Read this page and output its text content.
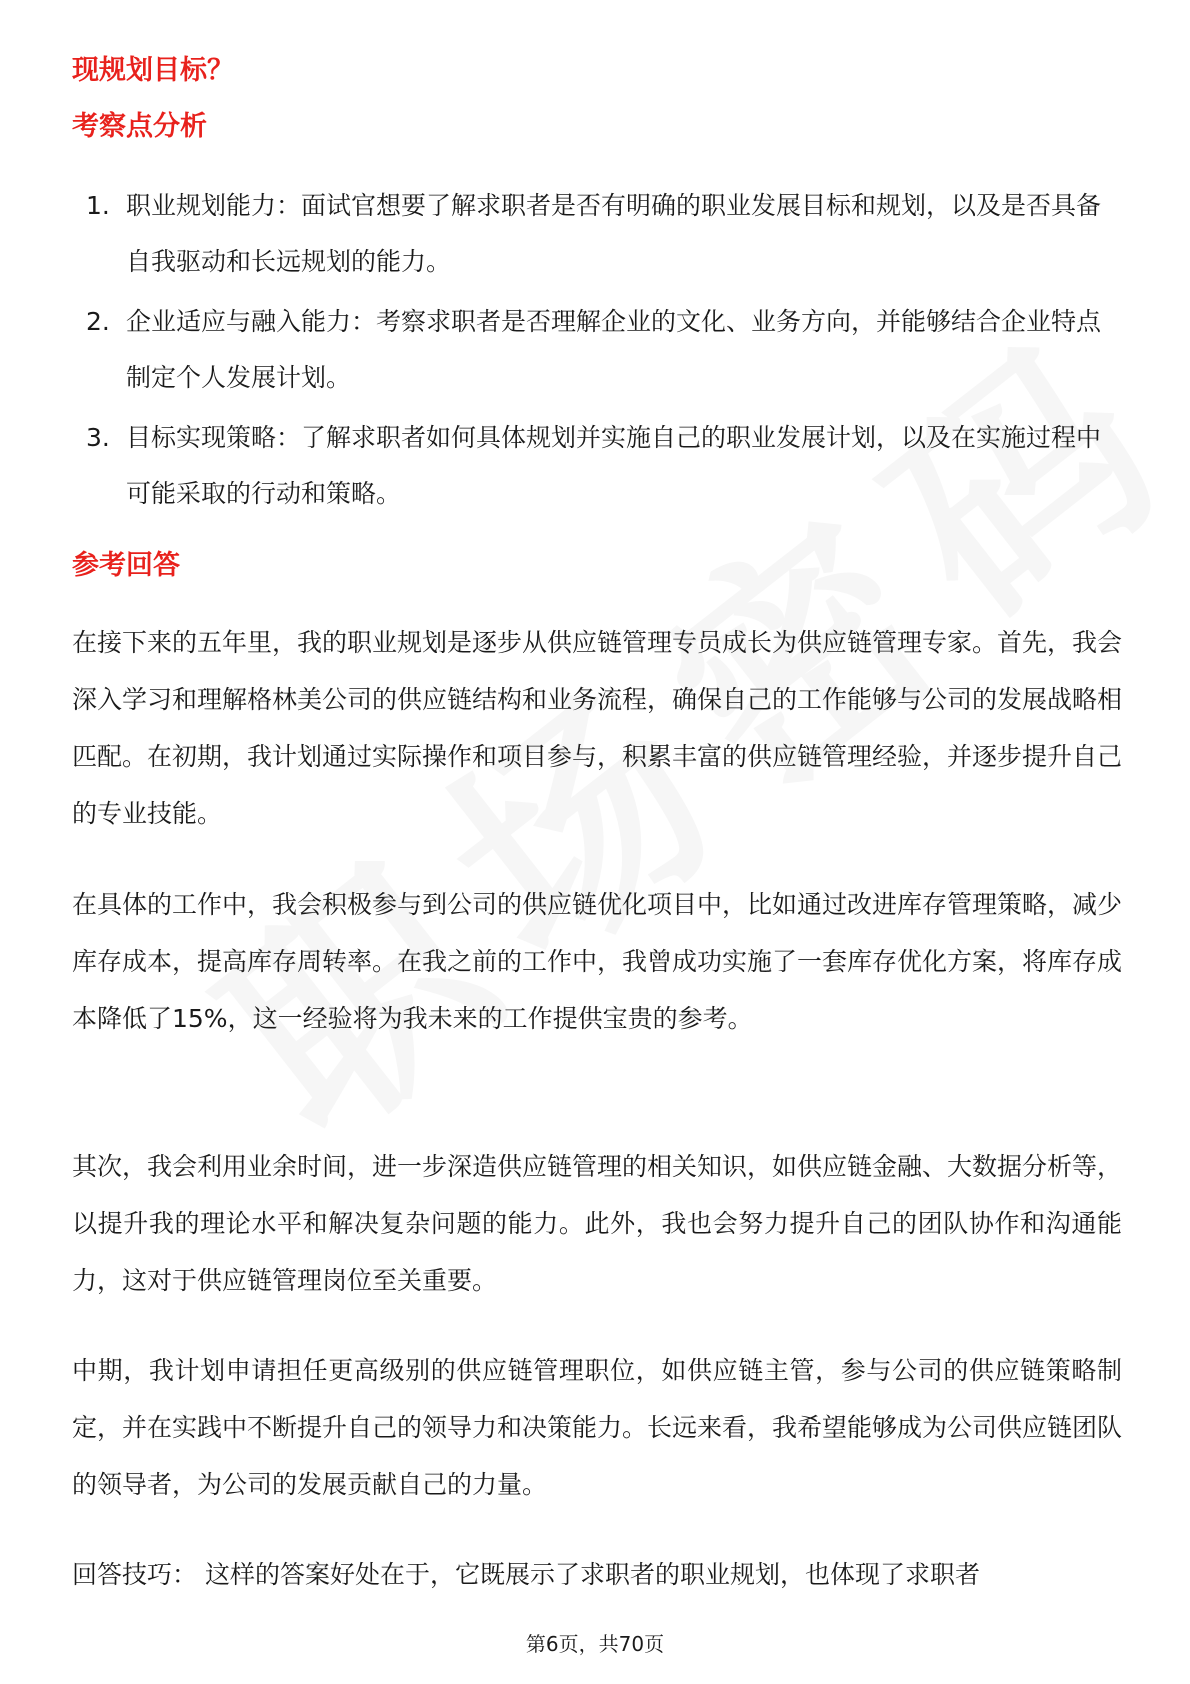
现规划目标？
考察点分析
1. 职业规划能力：面试官想要了解求职者是否有明确的职业发展目标和规划，以及是否具备自我驱动和长远规划的能力。
2. 企业适应与融入能力：考察求职者是否理解企业的文化、业务方向，并能够结合企业特点制定个人发展计划。
3. 目标实现策略：了解求职者如何具体规划并实施自己的职业发展计划，以及在实施过程中可能采取的行动和策略。
参考回答

在接下来的五年里，我的职业规划是逐步从供应链管理专员成长为供应链管理专家。首先，我会深入学习和理解格林美公司的供应链结构和业务流程，确保自己的工作能够与公司的发展战略相匹配。在初期，我计划通过实际操作和项目参与，积累丰富的供应链管理经验，并逐步提升自己的专业技能。

在具体的工作中，我会积极参与到公司的供应链优化项目中，比如通过改进库存管理策略，减少库存成本，提高库存周转率。在我之前的工作中，我曾成功实施了一套库存优化方案，将库存成本降低了15%，这一经验将为我未来的工作提供宝贵的参考。

其次，我会利用业余时间，进一步深造供应链管理的相关知识，如供应链金融、大数据分析等，以提升我的理论水平和解决复杂问题的能力。此外，我也会努力提升自己的团队协作和沟通能力，这对于供应链管理岗位至关重要。

中期，我计划申请担任更高级别的供应链管理职位，如供应链主管，参与公司的供应链策略制定，并在实践中不断提升自己的领导力和决策能力。长远来看，我希望能够成为公司供应链团队的领导者，为公司的发展贡献自己的力量。

回答技巧： 这样的答案好处在于，它既展示了求职者的职业规划，也体现了求职者

第6页，共70页
